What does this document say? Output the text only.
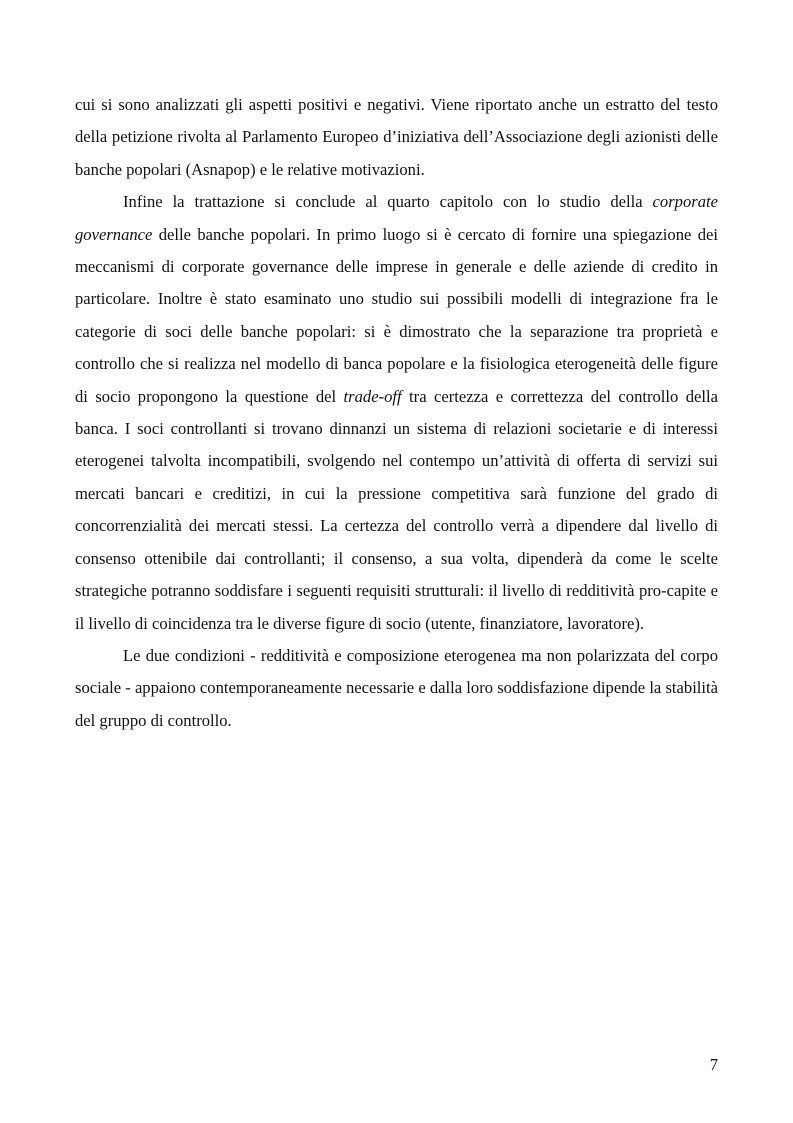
cui si sono analizzati gli aspetti positivi e negativi. Viene riportato anche un estratto del testo della petizione rivolta al Parlamento Europeo d’iniziativa dell’Associazione degli azionisti delle banche popolari (Asnapop) e le relative motivazioni.

Infine la trattazione si conclude al quarto capitolo con lo studio della corporate governance delle banche popolari. In primo luogo si è cercato di fornire una spiegazione dei meccanismi di corporate governance delle imprese in generale e delle aziende di credito in particolare. Inoltre è stato esaminato uno studio sui possibili modelli di integrazione fra le categorie di soci delle banche popolari: si è dimostrato che la separazione tra proprietà e controllo che si realizza nel modello di banca popolare e la fisiologica eterogeneità delle figure di socio propongono la questione del trade-off tra certezza e correttezza del controllo della banca. I soci controllanti si trovano dinnanzi un sistema di relazioni societarie e di interessi eterogenei talvolta incompatibili, svolgendo nel contempo un’attività di offerta di servizi sui mercati bancari e creditizi, in cui la pressione competitiva sarà funzione del grado di concorrenzialità dei mercati stessi. La certezza del controllo verrà a dipendere dal livello di consenso ottenibile dai controllanti; il consenso, a sua volta, dipenderà da come le scelte strategiche potranno soddisfare i seguenti requisiti strutturali: il livello di redditività pro-capite e il livello di coincidenza tra le diverse figure di socio (utente, finanziatore, lavoratore).

Le due condizioni - redditività e composizione eterogenea ma non polarizzata del corpo sociale - appaiono contemporaneamente necessarie e dalla loro soddisfazione dipende la stabilità del gruppo di controllo.

7
